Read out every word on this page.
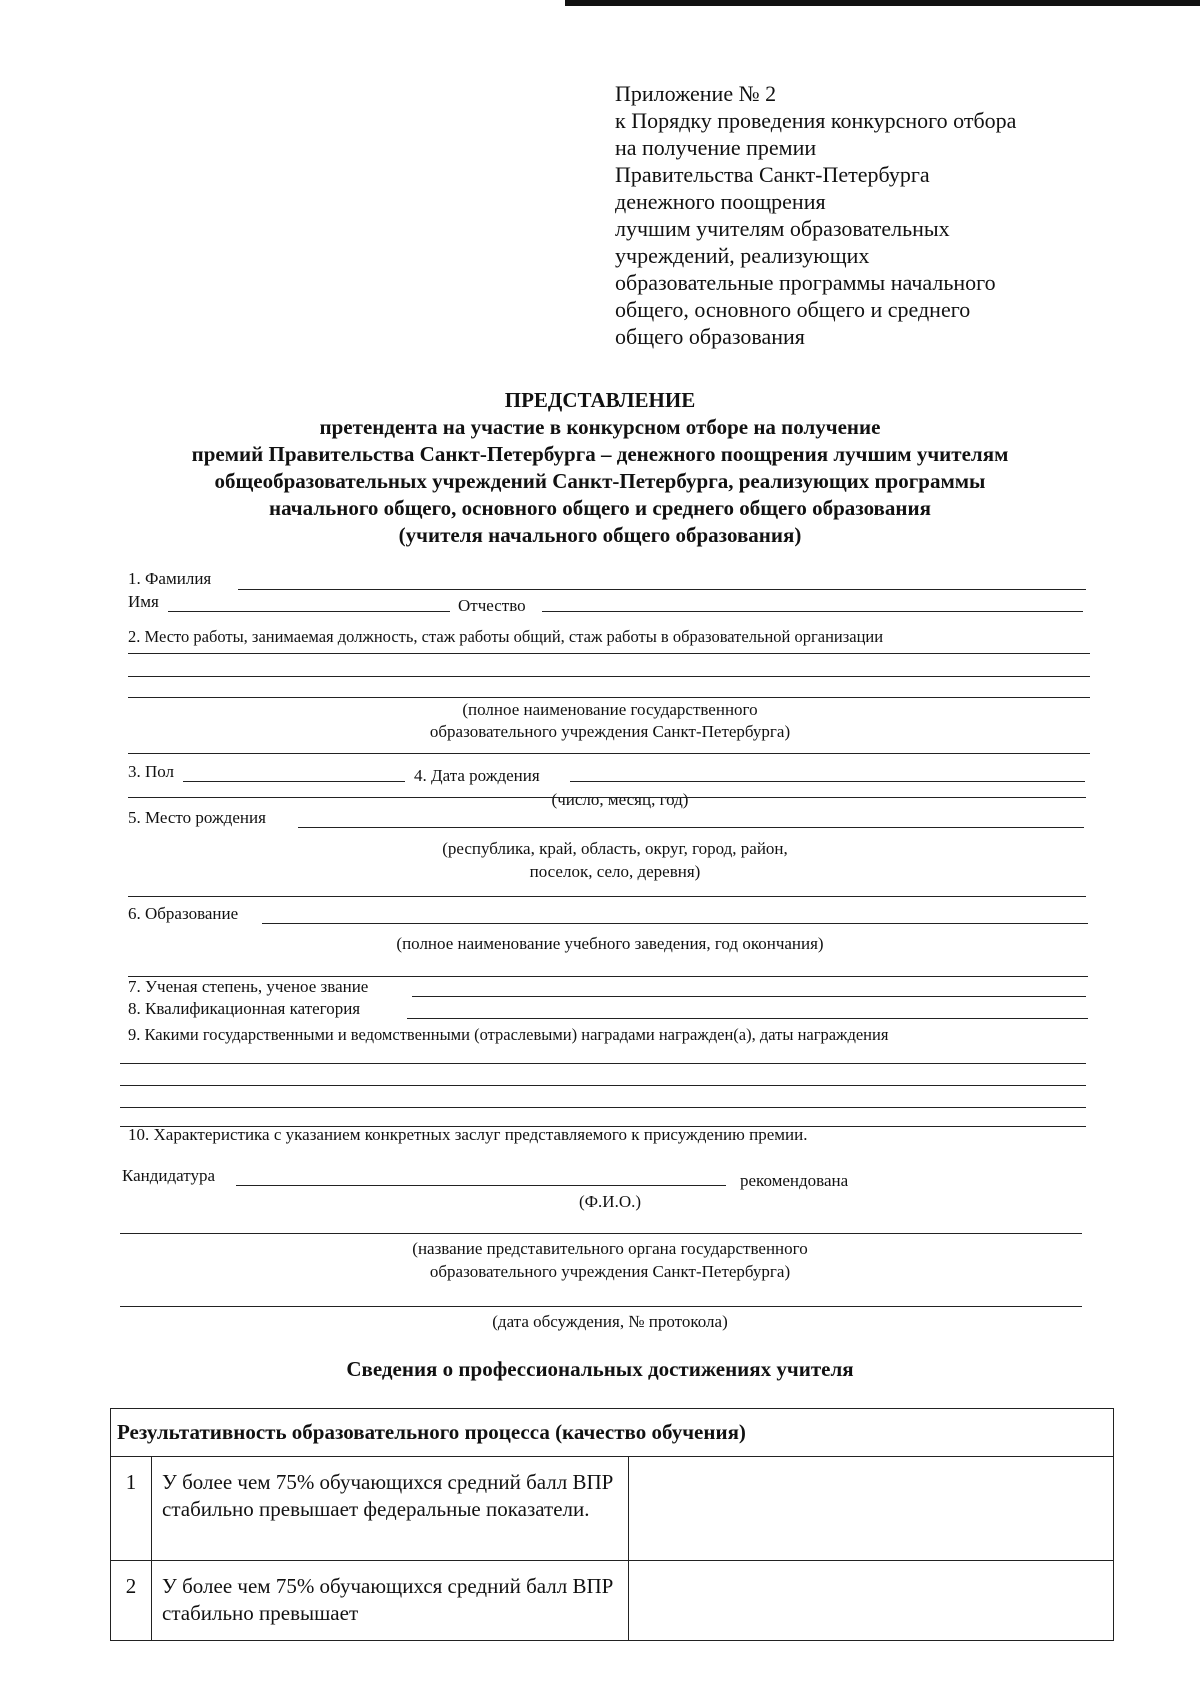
Приложение № 2
к Порядку проведения конкурсного отбора
на получение премии
Правительства Санкт-Петербурга
денежного поощрения
лучшим учителям образовательных
учреждений, реализующих
образовательные программы начального
общего, основного общего и среднего
общего образования
ПРЕДСТАВЛЕНИЕ
претендента на участие в конкурсном отборе на получение
премий Правительства Санкт-Петербурга – денежного поощрения лучшим учителям
общеобразовательных учреждений Санкт-Петербурга, реализующих программы
начального общего, основного общего и среднего общего образования
(учителя начального общего образования)
1. Фамилия
Имя	Отчество
2. Место работы, занимаемая должность, стаж работы общий, стаж работы в образовательной организации
(полное наименование государственного
образовательного учреждения Санкт-Петербурга)
3. Пол	4. Дата рождения
(число, месяц, год)
5. Место рождения
(республика, край, область, округ, город, район,
поселок, село, деревня)
6. Образование
(полное наименование учебного заведения, год окончания)
7. Ученая степень, ученое звание
8. Квалификационная категория
9. Какими государственными и ведомственными (отраслевыми) наградами награжден(а), даты награждения
10. Характеристика с указанием конкретных заслуг представляемого к присуждению премии.
Кандидатура	рекомендована
(Ф.И.О.)
(название представительного органа государственного
образовательного учреждения Санкт-Петербурга)
(дата обсуждения, № протокола)
Сведения о профессиональных достижениях учителя
Результативность образовательного процесса (качество обучения)		
1	У более чем 75% обучающихся средний балл ВПР стабильно превышает федеральные показатели.	
2	У более чем 75% обучающихся средний балл ВПР стабильно превышает	
